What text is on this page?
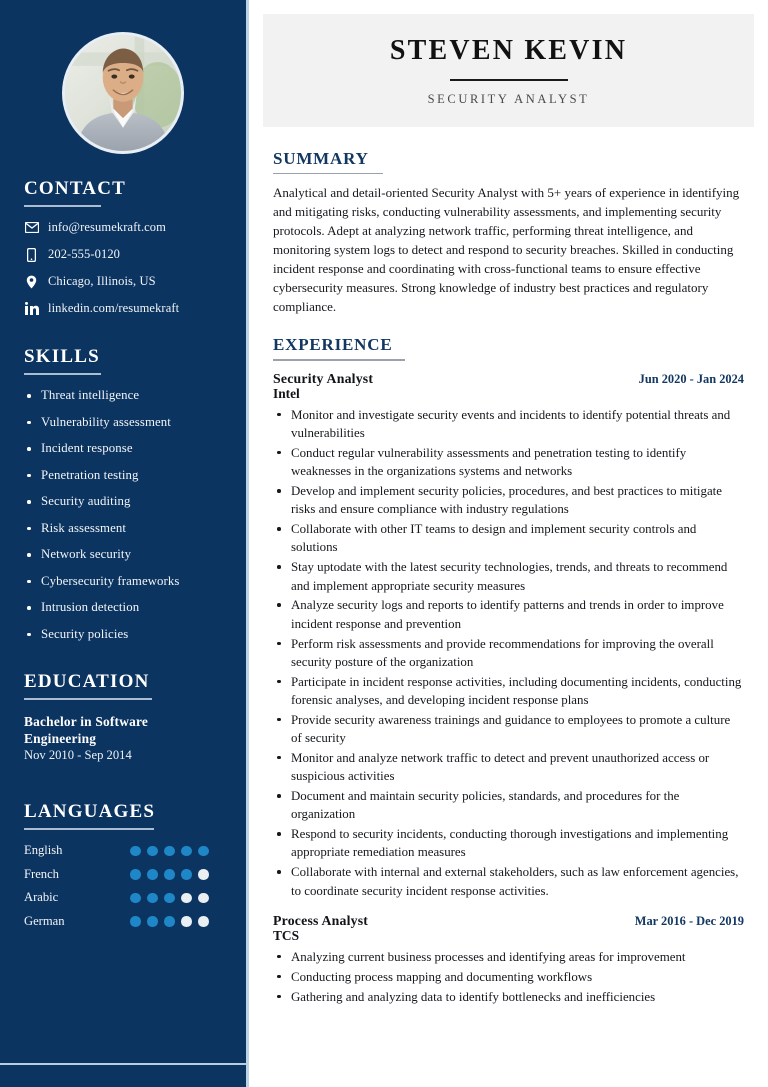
CONTACT
info@resumekraft.com
202-555-0120
Chicago, Illinois, US
linkedin.com/resumekraft
SKILLS
Threat intelligence
Vulnerability assessment
Incident response
Penetration testing
Security auditing
Risk assessment
Network security
Cybersecurity frameworks
Intrusion detection
Security policies
EDUCATION
Bachelor in Software Engineering
Nov 2010 - Sep 2014
LANGUAGES
English
French
Arabic
German
STEVEN KEVIN
SECURITY ANALYST
SUMMARY

Analytical and detail-oriented Security Analyst with 5+ years of experience in identifying and mitigating risks, conducting vulnerability assessments, and implementing security protocols. Adept at analyzing network traffic, performing threat intelligence, and monitoring system logs to detect and respond to security breaches. Skilled in conducting incident response and coordinating with cross-functional teams to ensure effective cybersecurity measures. Strong knowledge of industry best practices and regulatory compliance.

EXPERIENCE
Security Analyst	Jun 2020 - Jan 2024
Intel
Monitor and investigate security events and incidents to identify potential threats and vulnerabilities
Conduct regular vulnerability assessments and penetration testing to identify weaknesses in the organizations systems and networks
Develop and implement security policies, procedures, and best practices to mitigate risks and ensure compliance with industry regulations
Collaborate with other IT teams to design and implement security controls and solutions
Stay uptodate with the latest security technologies, trends, and threats to recommend and implement appropriate security measures
Analyze security logs and reports to identify patterns and trends in order to improve incident response and prevention
Perform risk assessments and provide recommendations for improving the overall security posture of the organization
Participate in incident response activities, including documenting incidents, conducting forensic analyses, and developing incident response plans
Provide security awareness trainings and guidance to employees to promote a culture of security
Monitor and analyze network traffic to detect and prevent unauthorized access or suspicious activities
Document and maintain security policies, standards, and procedures for the organization
Respond to security incidents, conducting thorough investigations and implementing appropriate remediation measures
Collaborate with internal and external stakeholders, such as law enforcement agencies, to coordinate security incident response activities.
Process Analyst	Mar 2016 - Dec 2019
TCS
Analyzing current business processes and identifying areas for improvement
Conducting process mapping and documenting workflows
Gathering and analyzing data to identify bottlenecks and inefficiencies
